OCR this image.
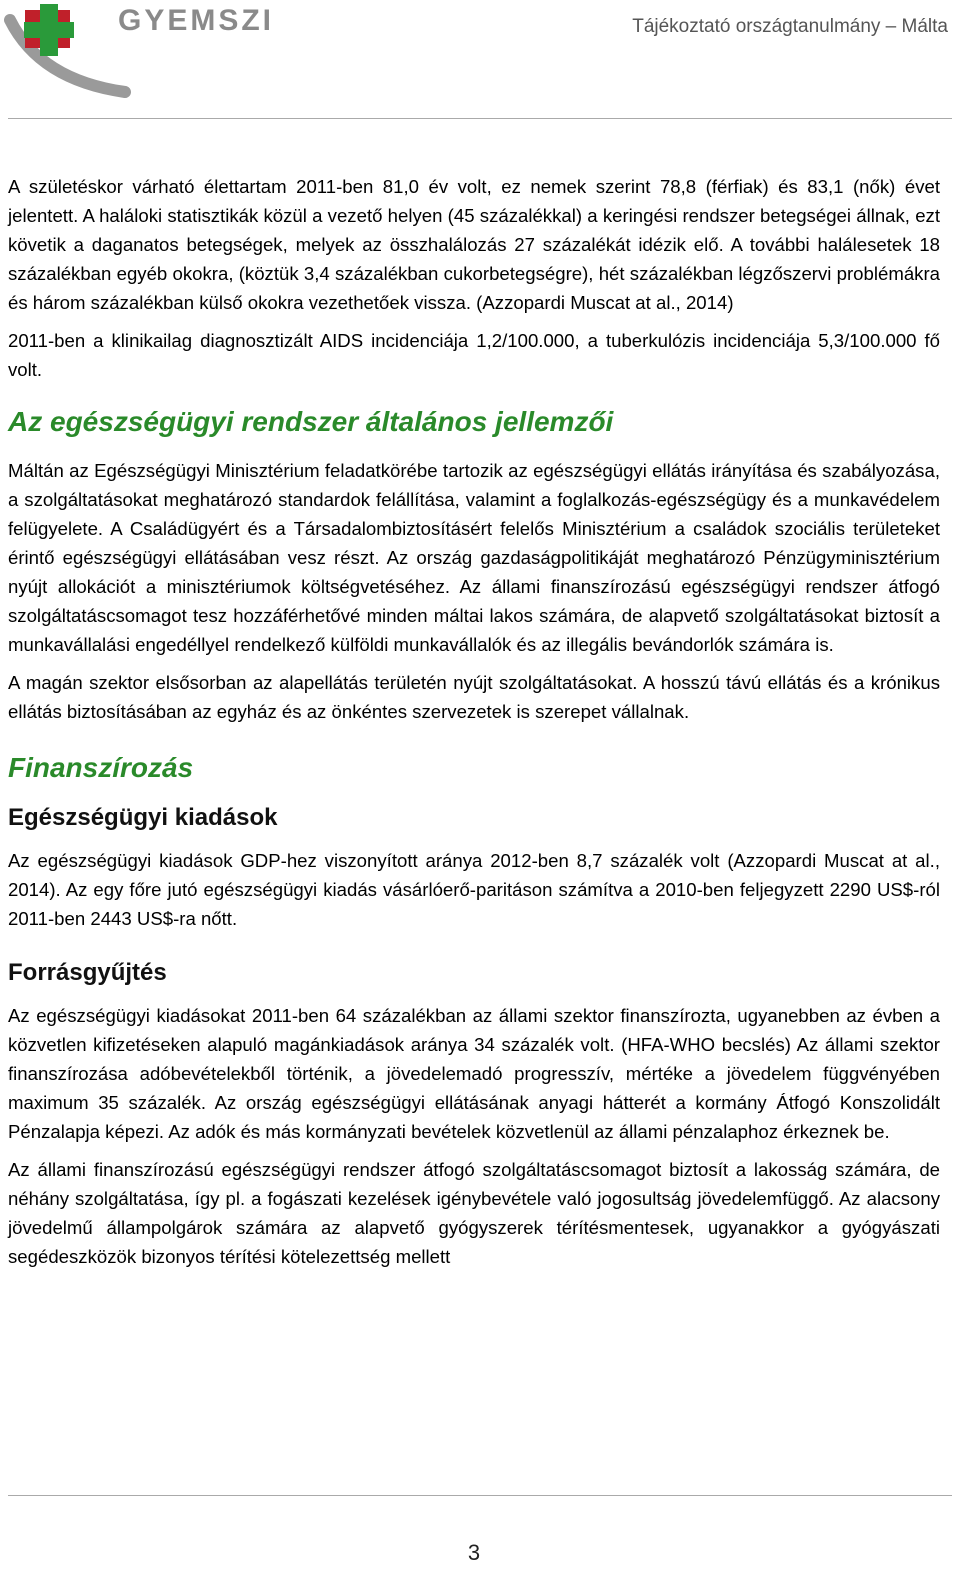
GYEMSZI	Tájékoztató országtanulmány – Málta

A születéskor várható élettartam 2011-ben 81,0 év volt, ez nemek szerint 78,8 (férfiak) és 83,1 (nők) évet jelentett. A haláloki statisztikák közül a vezető helyen (45 százalékkal) a keringési rendszer betegségei állnak, ezt követik a daganatos betegségek, melyek az összhalálozás 27 százalékát idézik elő. A további halálesetek 18 százalékban egyéb okokra, (köztük 3,4 százalékban cukorbetegségre), hét százalékban légzőszervi problémákra és három százalékban külső okokra vezethetőek vissza. (Azzopardi Muscat at al., 2014)

2011-ben a klinikailag diagnosztizált AIDS incidenciája 1,2/100.000, a tuberkulózis incidenciája 5,3/100.000 fő volt.

Az egészségügyi rendszer általános jellemzői

Máltán az Egészségügyi Minisztérium feladatkörébe tartozik az egészségügyi ellátás irányítása és szabályozása, a szolgáltatásokat meghatározó standardok felállítása, valamint a foglalkozás-egészségügy és a munkavédelem felügyelete. A Családügyért és a Társadalombiztosításért felelős Minisztérium a családok szociális területeket érintő egészségügyi ellátásában vesz részt. Az ország gazdaságpolitikáját meghatározó Pénzügyminisztérium nyújt allokációt a minisztériumok költségvetéséhez. Az állami finanszírozású egészségügyi rendszer átfogó szolgáltatáscsomagot tesz hozzáférhetővé minden máltai lakos számára, de alapvető szolgáltatásokat biztosít a munkavállalási engedéllyel rendelkező külföldi munkavállalók és az illegális bevándorlók számára is.

A magán szektor elsősorban az alapellátás területén nyújt szolgáltatásokat. A hosszú távú ellátás és a krónikus ellátás biztosításában az egyház és az önkéntes szervezetek is szerepet vállalnak.

Finanszírozás
Egészségügyi kiadások

Az egészségügyi kiadások GDP-hez viszonyított aránya 2012-ben 8,7 százalék volt (Azzopardi Muscat at al., 2014). Az egy főre jutó egészségügyi kiadás vásárlóerő-paritáson számítva a 2010-ben feljegyzett 2290 US$-ról 2011-ben 2443 US$-ra nőtt.

Forrásgyűjtés

Az egészségügyi kiadásokat 2011-ben 64 százalékban az állami szektor finanszírozta, ugyanebben az évben a közvetlen kifizetéseken alapuló magánkiadások aránya 34 százalék volt. (HFA-WHO becslés) Az állami szektor finanszírozása adóbevételekből történik, a jövedelemadó progresszív, mértéke a jövedelem függvényében maximum 35 százalék. Az ország egészségügyi ellátásának anyagi hátterét a kormány Átfogó Konszolidált Pénzalapja képezi. Az adók és más kormányzati bevételek közvetlenül az állami pénzalaphoz érkeznek be.

Az állami finanszírozású egészségügyi rendszer átfogó szolgáltatáscsomagot biztosít a lakosság számára, de néhány szolgáltatása, így pl. a fogászati kezelések igénybevétele való jogosultság jövedelemfüggő. Az alacsony jövedelmű állampolgárok számára az alapvető gyógyszerek térítésmentesek, ugyanakkor a gyógyászati segédeszközök bizonyos térítési kötelezettség mellett

3
